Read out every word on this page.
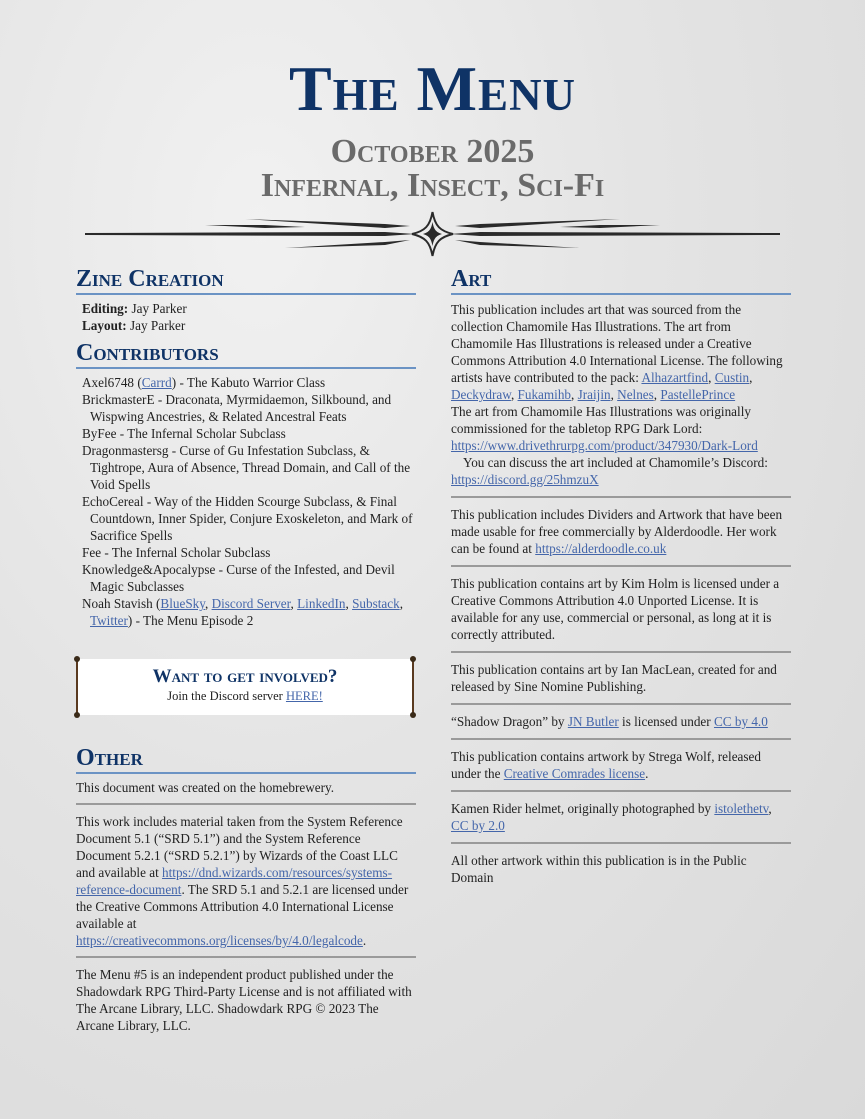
The Menu
October 2025
Infernal, Insect, Sci-Fi
Zine Creation

Editing: Jay Parker

Layout: Jay Parker

Contributors

Axel6748 (Carrd) - The Kabuto Warrior Class

BrickmasterE - Draconata, Myrmidaemon, Silkbound, and Wispwing Ancestries, & Related Ancestral Feats

ByFee - The Infernal Scholar Subclass

Dragonmastersg - Curse of Gu Infestation Subclass, & Tightrope, Aura of Absence, Thread Domain, and Call of the Void Spells

EchoCereal - Way of the Hidden Scourge Subclass, & Final Countdown, Inner Spider, Conjure Exoskeleton, and Mark of Sacrifice Spells

Fee - The Infernal Scholar Subclass

Knowledge&Apocalypse - Curse of the Infested, and Devil Magic Subclasses

Noah Stavish (BlueSky, Discord Server, LinkedIn, Substack, Twitter) - The Menu Episode 2

Want to get involved?
Join the Discord server HERE!
Other

This document was created on the homebrewery.

This work includes material taken from the System Reference Document 5.1 (“SRD 5.1”) and the System Reference Document 5.2.1 (“SRD 5.2.1”) by Wizards of the Coast LLC and available at https://dnd.wizards.com/resources/systems-reference-document. The SRD 5.1 and 5.2.1 are licensed under the Creative Commons Attribution 4.0 International License available at https://creativecommons.org/licenses/by/4.0/legalcode.

The Menu #5 is an independent product published under the Shadowdark RPG Third-Party License and is not affiliated with The Arcane Library, LLC. Shadowdark RPG © 2023 The Arcane Library, LLC.

Art

This publication includes art that was sourced from the collection Chamomile Has Illustrations. The art from Chamomile Has Illustrations is released under a Creative Commons Attribution 4.0 International License. The following artists have contributed to the pack: Alhazartfind, Custin, Deckydraw, Fukamihb, Jraijin, Nelnes, PastellePrince

The art from Chamomile Has Illustrations was originally commissioned for the tabletop RPG Dark Lord: https://www.drivethrurpg.com/product/347930/Dark-Lord

You can discuss the art included at Chamomile’s Discord: https://discord.gg/25hmzuX

This publication includes Dividers and Artwork that have been made usable for free commercially by Alderdoodle. Her work can be found at https://alderdoodle.co.uk

This publication contains art by Kim Holm is licensed under a Creative Commons Attribution 4.0 Unported License. It is available for any use, commercial or personal, as long at it is correctly attributed.

This publication contains art by Ian MacLean, created for and released by Sine Nomine Publishing.

“Shadow Dragon” by JN Butler is licensed under CC by 4.0

This publication contains artwork by Strega Wolf, released under the Creative Comrades license.

Kamen Rider helmet, originally photographed by istolethetv, CC by 2.0

All other artwork within this publication is in the Public Domain
